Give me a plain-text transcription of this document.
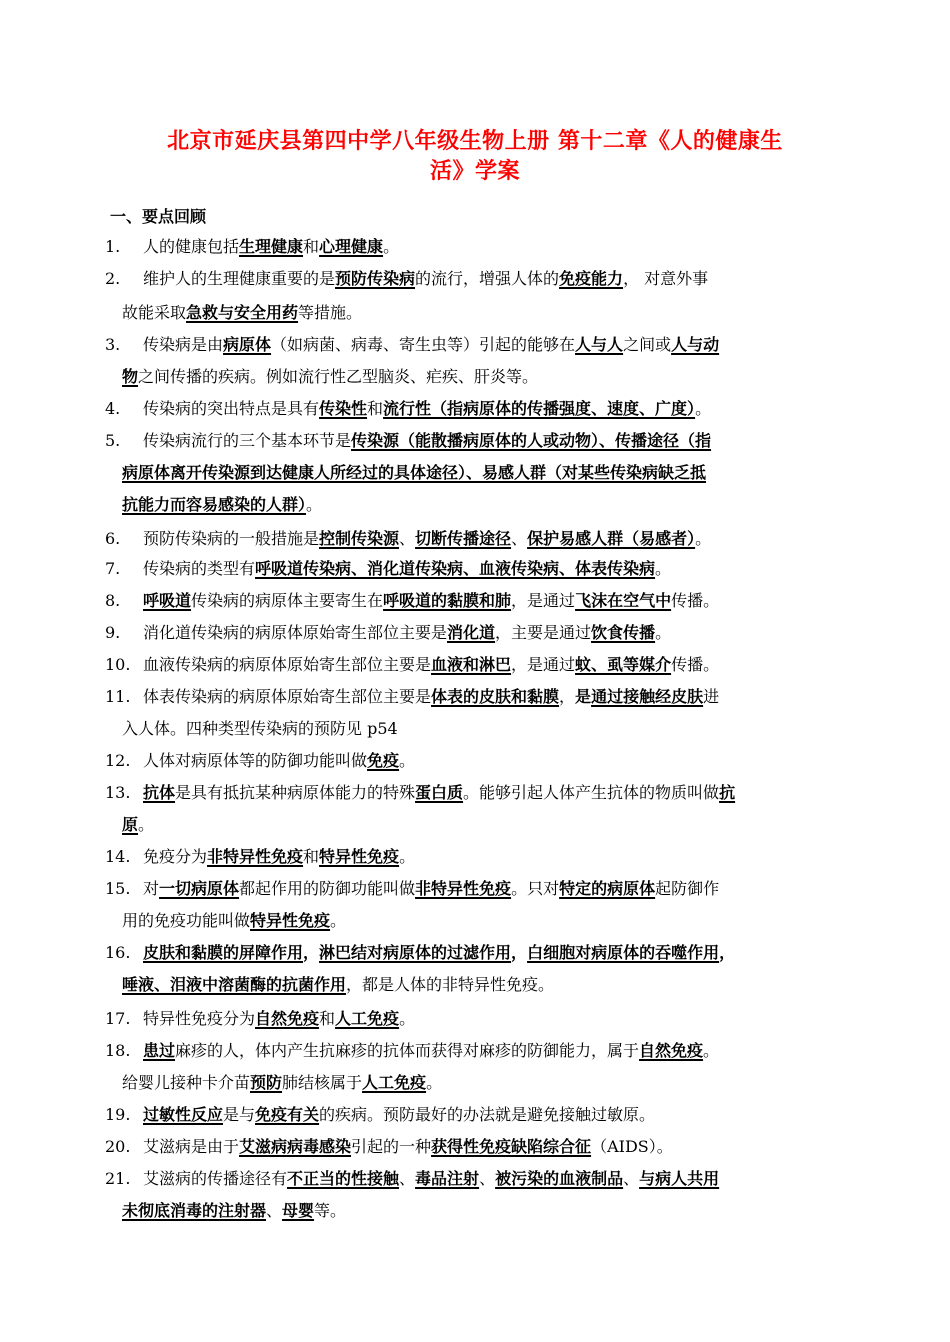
北京市延庆县第四中学八年级生物上册 第十二章《人的健康生
活》学案
一、要点回顾
1.	人的健康包括生理健康和心理健康。
2.	维护人的生理健康重要的是预防传染病的流行，增强人体的免疫能力， 对意外事
故能采取急救与安全用药等措施。
3.	传染病是由病原体（如病菌、病毒、寄生虫等）引起的能够在人与人之间或人与动
物之间传播的疾病。例如流行性乙型脑炎、疟疾、肝炎等。
4.	传染病的突出特点是具有传染性和流行性（指病原体的传播强度、速度、广度）。
5.	传染病流行的三个基本环节是传染源（能散播病原体的人或动物）、传播途径（指
病原体离开传染源到达健康人所经过的具体途径）、易感人群（对某些传染病缺乏抵
抗能力而容易感染的人群）。
6.	预防传染病的一般措施是控制传染源、切断传播途径、保护易感人群（易感者）。
7.	传染病的类型有呼吸道传染病、消化道传染病、血液传染病、体表传染病。
8.	呼吸道传染病的病原体主要寄生在呼吸道的黏膜和肺，是通过飞沫在空气中传播。
9.	消化道传染病的病原体原始寄生部位主要是消化道，主要是通过饮食传播。
10. 血液传染病的病原体原始寄生部位主要是血液和淋巴，是通过蚊、虱等媒介传播。
11. 体表传染病的病原体原始寄生部位主要是体表的皮肤和黏膜，是通过接触经皮肤进
入人体。四种类型传染病的预防见 p54
12. 人体对病原体等的防御功能叫做免疫。
13. 抗体是具有抵抗某种病原体能力的特殊蛋白质。能够引起人体产生抗体的物质叫做抗
原。
14. 免疫分为非特异性免疫和特异性免疫。
15. 对一切病原体都起作用的防御功能叫做非特异性免疫。只对特定的病原体起防御作
用的免疫功能叫做特异性免疫。
16. 皮肤和黏膜的屏障作用，淋巴结对病原体的过滤作用，白细胞对病原体的吞噬作用，
唾液、泪液中溶菌酶的抗菌作用，都是人体的非特异性免疫。
17. 特异性免疫分为自然免疫和人工免疫。
18. 患过麻疹的人，体内产生抗麻疹的抗体而获得对麻疹的防御能力，属于自然免疫。
给婴儿接种卡介苗预防肺结核属于人工免疫。
19. 过敏性反应是与免疫有关的疾病。预防最好的办法就是避免接触过敏原。
20. 艾滋病是由于艾滋病病毒感染引起的一种获得性免疫缺陷综合征（AIDS）。
21. 艾滋病的传播途径有不正当的性接触、毒品注射、被污染的血液制品、与病人共用
未彻底消毒的注射器、母婴等。
